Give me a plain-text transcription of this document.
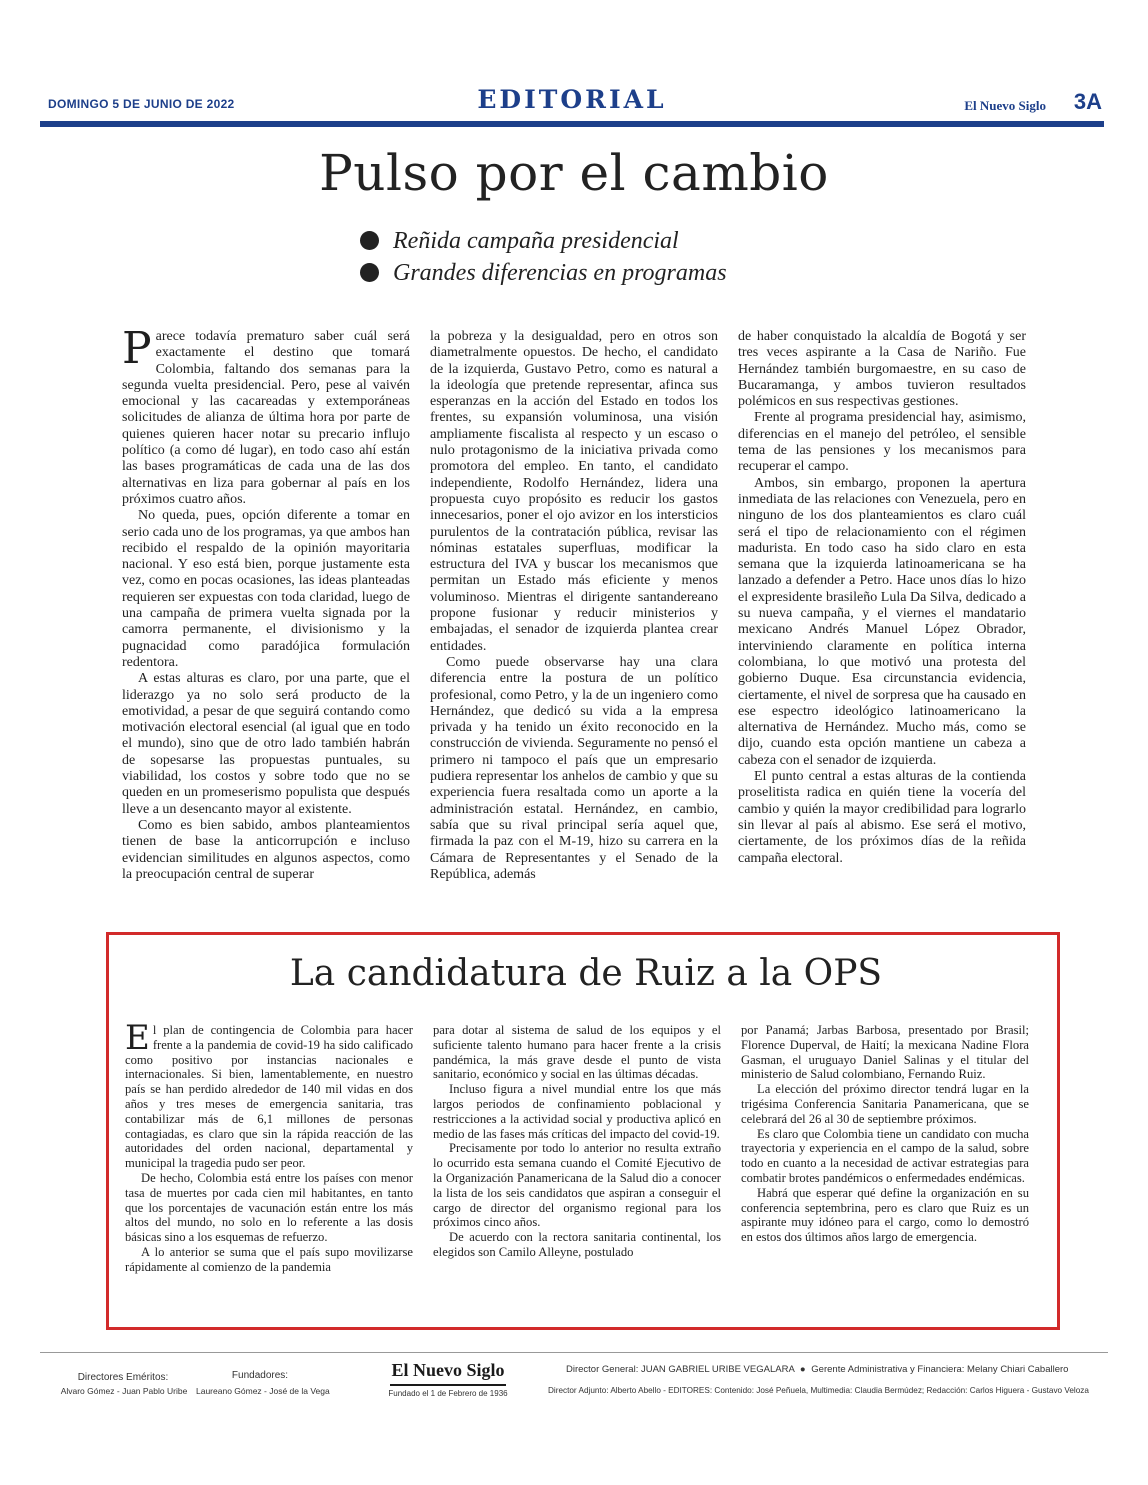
DOMINGO 5 DE JUNIO DE 2022	EDITORIAL	El Nuevo Siglo 3A
Pulso por el cambio
Reñida campaña presidencial
Grandes diferencias en programas

Parece todavía prematuro saber cuál será exactamente el destino que tomará Colombia, faltando dos semanas para la segunda vuelta presidencial. Pero, pese al vaivén emocional y las cacareadas y extemporáneas solicitudes de alianza de última hora por parte de quienes quieren hacer notar su precario influjo político (a como dé lugar), en todo caso ahí están las bases programáticas de cada una de las dos alternativas en liza para gobernar al país en los próximos cuatro años.

No queda, pues, opción diferente a tomar en serio cada uno de los programas, ya que ambos han recibido el respaldo de la opinión mayoritaria nacional. Y eso está bien, porque justamente esta vez, como en pocas ocasiones, las ideas planteadas requieren ser expuestas con toda claridad, luego de una campaña de primera vuelta signada por la camorra permanente, el divisionismo y la pugnacidad como paradójica formulación redentora.

A estas alturas es claro, por una parte, que el liderazgo ya no solo será producto de la emotividad, a pesar de que seguirá contando como motivación electoral esencial (al igual que en todo el mundo), sino que de otro lado también habrán de sopesarse las propuestas puntuales, su viabilidad, los costos y sobre todo que no se queden en un promeserismo populista que después lleve a un desencanto mayor al existente.

Como es bien sabido, ambos planteamientos tienen de base la anticorrupción e incluso evidencian similitudes en algunos aspectos, como la preocupación central de superar

la pobreza y la desigualdad, pero en otros son diametralmente opuestos. De hecho, el candidato de la izquierda, Gustavo Petro, como es natural a la ideología que pretende representar, afinca sus esperanzas en la acción del Estado en todos los frentes, su expansión voluminosa, una visión ampliamente fiscalista al respecto y un escaso o nulo protagonismo de la iniciativa privada como promotora del empleo. En tanto, el candidato independiente, Rodolfo Hernández, lidera una propuesta cuyo propósito es reducir los gastos innecesarios, poner el ojo avizor en los intersticios purulentos de la contratación pública, revisar las nóminas estatales superfluas, modificar la estructura del IVA y buscar los mecanismos que permitan un Estado más eficiente y menos voluminoso. Mientras el dirigente santandereano propone fusionar y reducir ministerios y embajadas, el senador de izquierda plantea crear entidades.

Como puede observarse hay una clara diferencia entre la postura de un político profesional, como Petro, y la de un ingeniero como Hernández, que dedicó su vida a la empresa privada y ha tenido un éxito reconocido en la construcción de vivienda. Seguramente no pensó el primero ni tampoco el país que un empresario pudiera representar los anhelos de cambio y que su experiencia fuera resaltada como un aporte a la administración estatal. Hernández, en cambio, sabía que su rival principal sería aquel que, firmada la paz con el M-19, hizo su carrera en la Cámara de Representantes y el Senado de la República, además

de haber conquistado la alcaldía de Bogotá y ser tres veces aspirante a la Casa de Nariño. Fue Hernández también burgomaestre, en su caso de Bucaramanga, y ambos tuvieron resultados polémicos en sus respectivas gestiones.

Frente al programa presidencial hay, asimismo, diferencias en el manejo del petróleo, el sensible tema de las pensiones y los mecanismos para recuperar el campo.

Ambos, sin embargo, proponen la apertura inmediata de las relaciones con Venezuela, pero en ninguno de los dos planteamientos es claro cuál será el tipo de relacionamiento con el régimen madurista. En todo caso ha sido claro en esta semana que la izquierda latinoamericana se ha lanzado a defender a Petro. Hace unos días lo hizo el expresidente brasileño Lula Da Silva, dedicado a su nueva campaña, y el viernes el mandatario mexicano Andrés Manuel López Obrador, interviniendo claramente en política interna colombiana, lo que motivó una protesta del gobierno Duque. Esa circunstancia evidencia, ciertamente, el nivel de sorpresa que ha causado en ese espectro ideológico latinoamericano la alternativa de Hernández. Mucho más, como se dijo, cuando esta opción mantiene un cabeza a cabeza con el senador de izquierda.

El punto central a estas alturas de la contienda proselitista radica en quién tiene la vocería del cambio y quién la mayor credibilidad para lograrlo sin llevar al país al abismo. Ese será el motivo, ciertamente, de los próximos días de la reñida campaña electoral.

La candidatura de Ruiz a la OPS

El plan de contingencia de Colombia para hacer frente a la pandemia de covid-19 ha sido calificado como positivo por instancias nacionales e internacionales. Si bien, lamentablemente, en nuestro país se han perdido alrededor de 140 mil vidas en dos años y tres meses de emergencia sanitaria, tras contabilizar más de 6,1 millones de personas contagiadas, es claro que sin la rápida reacción de las autoridades del orden nacional, departamental y municipal la tragedia pudo ser peor.

De hecho, Colombia está entre los países con menor tasa de muertes por cada cien mil habitantes, en tanto que los porcentajes de vacunación están entre los más altos del mundo, no solo en lo referente a las dosis básicas sino a los esquemas de refuerzo.

A lo anterior se suma que el país supo movilizarse rápidamente al comienzo de la pandemia

para dotar al sistema de salud de los equipos y el suficiente talento humano para hacer frente a la crisis pandémica, la más grave desde el punto de vista sanitario, económico y social en las últimas décadas.

Incluso figura a nivel mundial entre los que más largos periodos de confinamiento poblacional y restricciones a la actividad social y productiva aplicó en medio de las fases más críticas del impacto del covid-19.

Precisamente por todo lo anterior no resulta extraño lo ocurrido esta semana cuando el Comité Ejecutivo de la Organización Panamericana de la Salud dio a conocer la lista de los seis candidatos que aspiran a conseguir el cargo de director del organismo regional para los próximos cinco años.

De acuerdo con la rectora sanitaria continental, los elegidos son Camilo Alleyne, postulado

por Panamá; Jarbas Barbosa, presentado por Brasil; Florence Duperval, de Haití; la mexicana Nadine Flora Gasman, el uruguayo Daniel Salinas y el titular del ministerio de Salud colombiano, Fernando Ruiz.

La elección del próximo director tendrá lugar en la trigésima Conferencia Sanitaria Panamericana, que se celebrará del 26 al 30 de septiembre próximos.

Es claro que Colombia tiene un candidato con mucha trayectoria y experiencia en el campo de la salud, sobre todo en cuanto a la necesidad de activar estrategias para combatir brotes pandémicos o enfermedades endémicas.

Habrá que esperar qué define la organización en su conferencia septembrina, pero es claro que Ruiz es un aspirante muy idóneo para el cargo, como lo demostró en estos dos últimos años largo de emergencia.

Directores Eméritos:
Alvaro Gómez - Juan Pablo Uribe
Fundadores:
Laureano Gómez - José de la Vega
El Nuevo Siglo
Fundado el 1 de Febrero de 1936
Director General: JUAN GABRIEL URIBE VEGALARA ● Gerente Administrativa y Financiera: Melany Chiari Caballero
Director Adjunto: Alberto Abello - EDITORES: Contenido: José Peñuela, Multimedia: Claudia Bermúdez; Redacción: Carlos Higuera - Gustavo Veloza
